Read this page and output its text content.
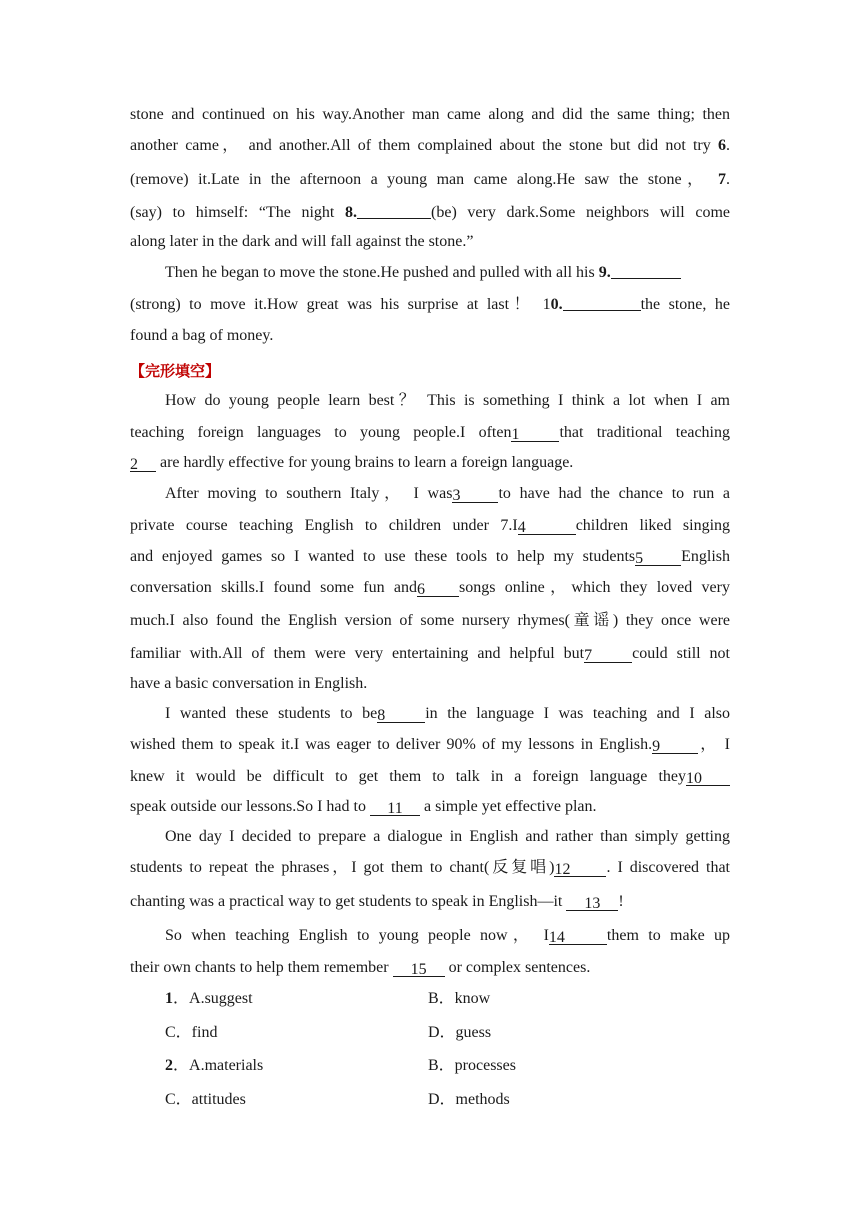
stone and continued on his way.Another man came along and did the same thing; then
another came， and another.All of them complained about the stone but did not try 6.
(remove) it.Late in the afternoon a young man came along.He saw the stone， 7.
(say) to himself: “The night 8.	(be) very dark.Some neighbors will come
along later in the dark and will fall against the stone.”
Then he began to move the stone.He pushed and pulled with all his 9.
(strong) to move it.How great was his surprise at last！ 10.	the stone, he
found a bag of money.
【完形填空】
How do young people learn best？ This is something I think a lot when I am
teaching foreign languages to young people.I often1	that traditional teaching
2 are hardly effective for young brains to learn a foreign language.
After moving to southern Italy， I was3 to have had the chance to run a
private course teaching English to children under 7.I4	children liked singing
and enjoyed games so I wanted to use these tools to help my students5 English
conversation skills.I found some fun and6 songs online，which they loved very
much.I also found the English version of some nursery rhymes(童谣) they once were
familiar with.All of them were very entertaining and helpful but7	could still not
have a basic conversation in English.
I wanted these students to be8	in the language I was teaching and I also
wished them to speak it.I was eager to deliver 90% of my lessons in English.9 ， I
knew it would be difficult to get them to talk in a foreign language they10
speak outside our lessons.So I had to 11 a simple yet effective plan.
One day I decided to prepare a dialogue in English and rather than simply getting
students to repeat the phrases，I got them to chant(反复唱)12 . I discovered that
chanting was a practical way to get students to speak in English—it 13 !
So when teaching English to young people now， I14	them to make up
their own chants to help them remember 15 or complex sentences.
1．A.suggest	B．know
C．find	D．guess
2．A.materials	B．processes
C．attitudes	D．methods
